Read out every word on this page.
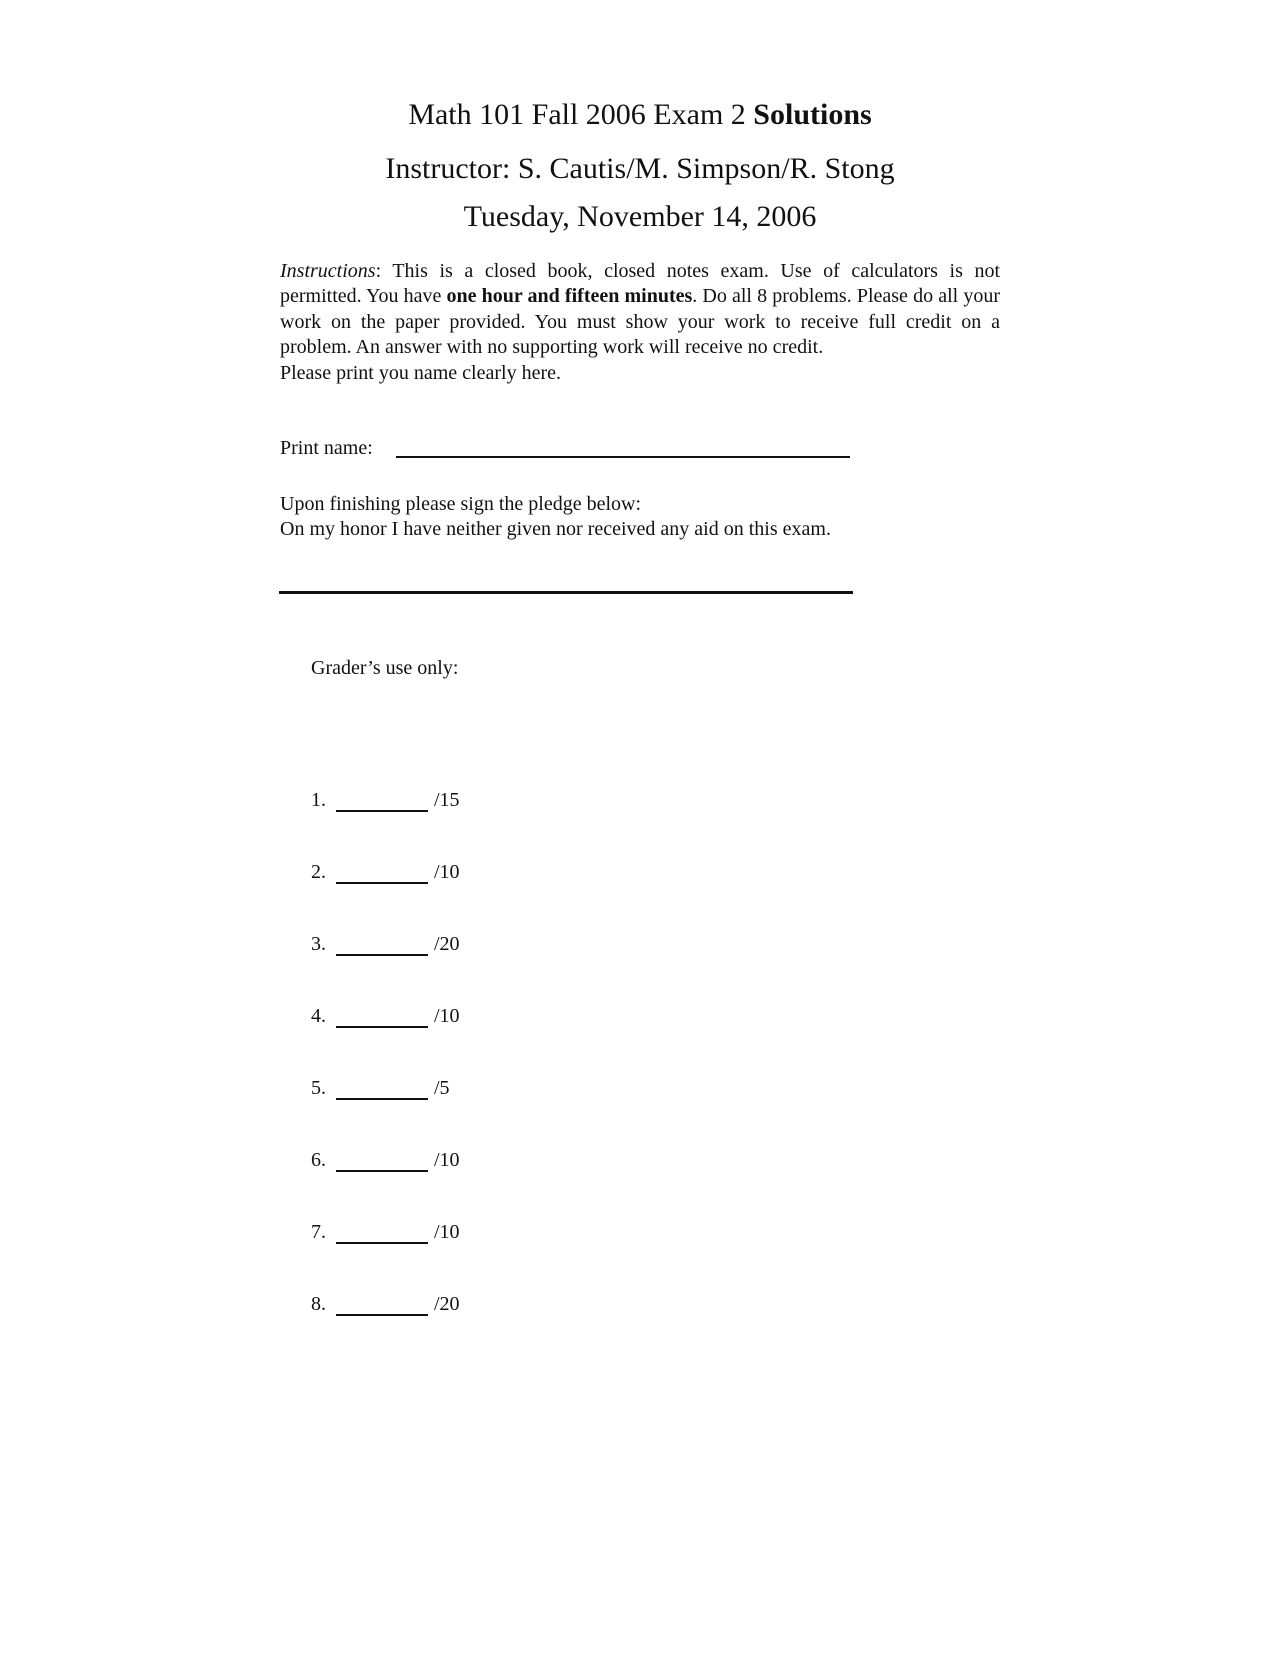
Math 101 Fall 2006 Exam 2 Solutions
Instructor: S. Cautis/M. Simpson/R. Stong
Tuesday, November 14, 2006
Instructions: This is a closed book, closed notes exam. Use of calculators is not permitted. You have one hour and fifteen minutes. Do all 8 problems. Please do all your work on the paper provided. You must show your work to receive full credit on a problem. An answer with no supporting work will receive no credit.
Please print you name clearly here.
Print name:
Upon finishing please sign the pledge below:
On my honor I have neither given nor received any aid on this exam.
Grader’s use only:
1.	/15
2.	/10
3.	/20
4.	/10
5.	/5
6.	/10
7.	/10
8.	/20
